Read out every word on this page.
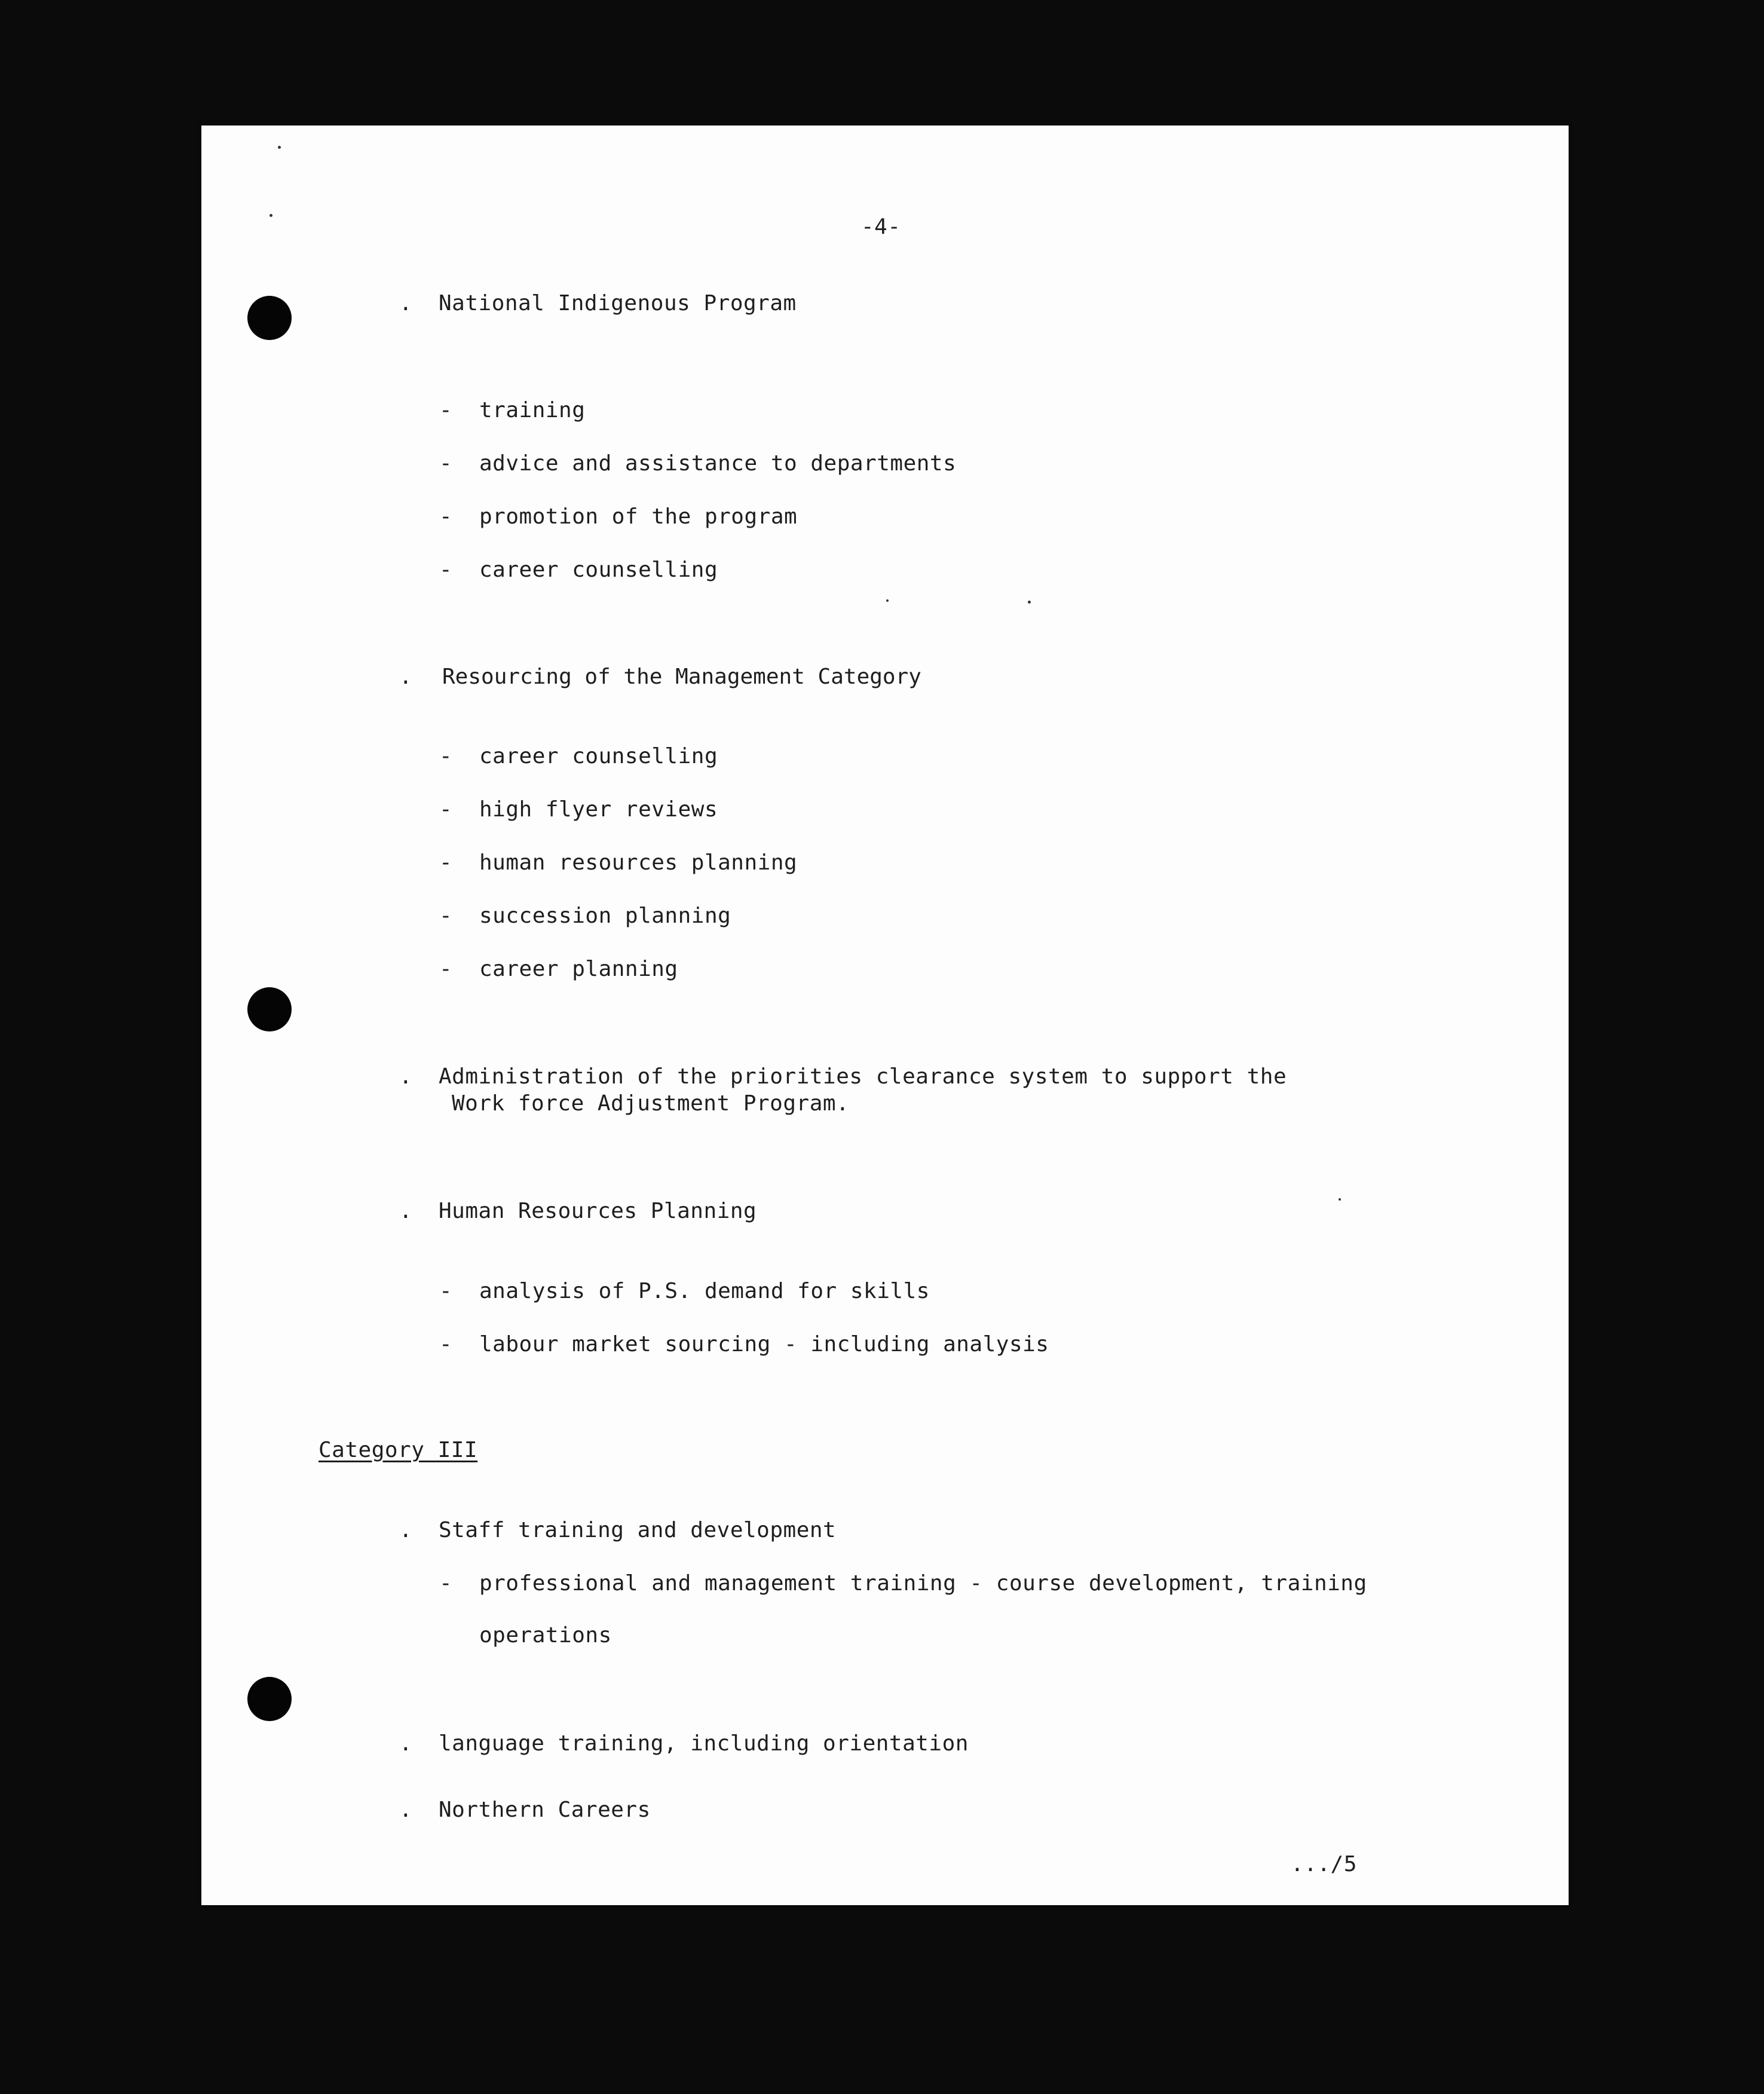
-4-

. National Indigenous Program

- training

- advice and assistance to departments

- promotion of the program

- career counselling

. Resourcing of the Management Category

- career counselling

- high flyer reviews

- human resources planning

- succession planning

- career planning

. Administration of the priorities clearance system to support the

Work force Adjustment Program.

. Human Resources Planning

- analysis of P.S. demand for skills

- labour market sourcing - including analysis

Category III

. Staff training and development

- professional and management training - course development, training

operations

. language training, including orientation

. Northern Careers

.../5
